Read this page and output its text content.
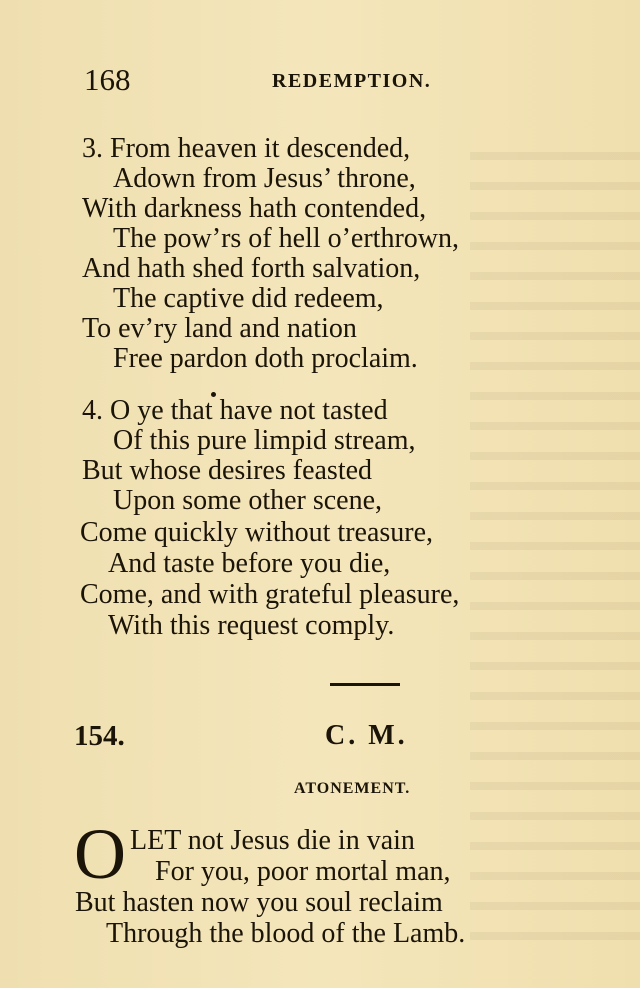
168	REDEMPTION.
3. From heaven it descended,
Adown from Jesus’ throne,
With darkness hath contended,
The pow’rs of hell o’erthrown,
And hath shed forth salvation,
The captive did redeem,
To ev’ry land and nation
Free pardon doth proclaim.
4. O ye that have not tasted
Of this pure limpid stream,
But whose desires feasted
Upon some other scene,
Come quickly without treasure,
And taste before you die,
Come, and with grateful pleasure,
With this request comply.
154.	C. M.
ATONEMENT.
O LET not Jesus die in vain
For you, poor mortal man,
But hasten now you soul reclaim
Through the blood of the Lamb.
